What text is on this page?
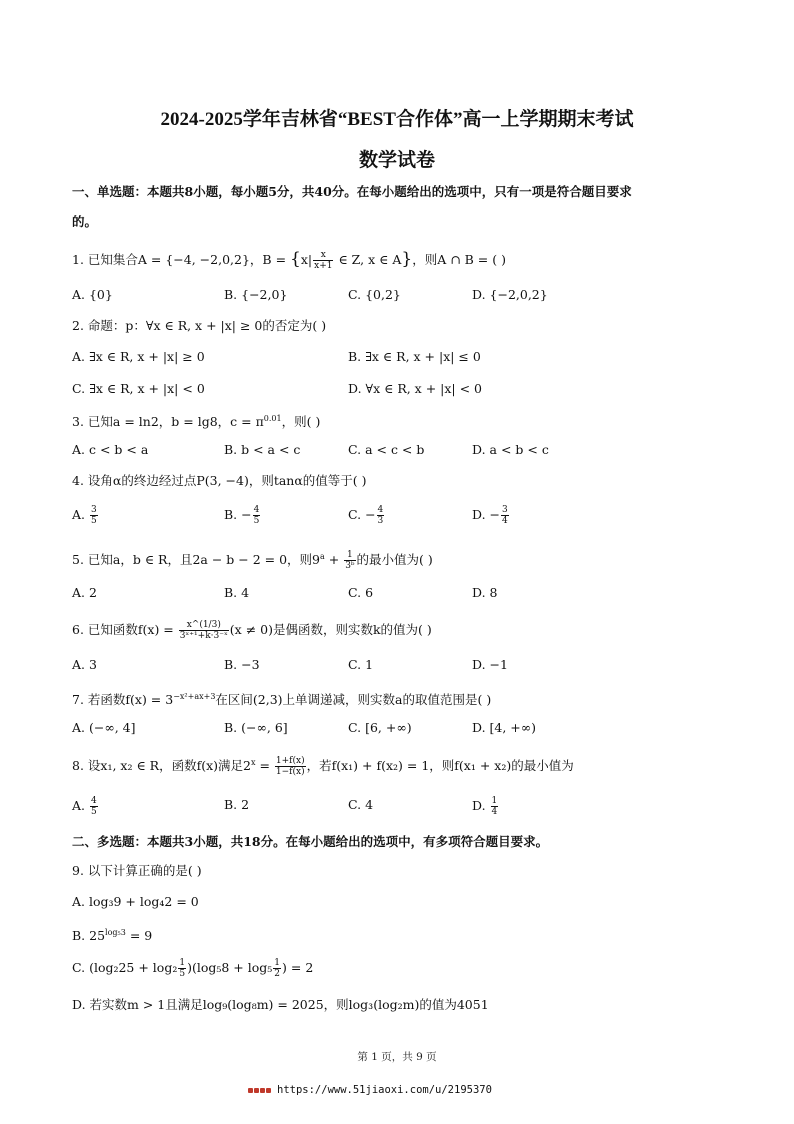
2024-2025学年吉林省“BEST合作体”高一上学期期末考试
数学试卷
一、单选题：本题共8小题，每小题5分，共40分。在每小题给出的选项中，只有一项是符合题目要求
的。
1. 已知集合A = {−4, −2,0,2}，$B = \{x| \frac{x}{x+1}$ ∈ Z, x ∈ A}，则A ∩ B = ( )
A. {0}	B. {−2,0}	C. {0,2}	D. {−2,0,2}
2. 命题：p：∀x ∈ R, x + |x| ≥ 0的否定为( )
A. ∃x ∈ R, x + |x| ≥ 0	B. ∃x ∈ R, x + |x| ≤ 0
C. ∃x ∈ R, x + |x| < 0	D. ∀x ∈ R, x + |x| < 0
3. 已知a = ln2，b = lg8，$c = \pi^{0.01}$，则( )
A. c < b < a	B. b < a < c	C. a < c < b	D. a < b < c
4. 设角α的终边经过点P(3, −4)，则tanα的值等于( )
A. $\frac{3}{5}$	B. − $\frac{4}{5}$	C. − $\frac{4}{3}$	D. − $\frac{3}{4}$
5. 已知a，b ∈ R，且2a − b − 2 = 0，则$9^a + \frac{1}{\text{3ᵇ}}$ 的最小值为( )
A. 2	B. 4	C. 6	D. 8
6. 已知函数$f(x) = \frac{x\^{}(1/3)}{\text{3ˣ⁺¹+k·3⁻ˣ}} (x \ne 0)$是偶函数，则实数k的值为( )
A. 3	B. −3	C. 1	D. −1
7. 若函数$f(x) = 3^{-x^2+ax+3}$在区间(2,3)上单调递减，则实数a的取值范围是( )
A. (−∞, 4]	B. (−∞, 6]	C. [6, +∞)	D. [4, +∞)
8. 设x₁, x₂ ∈ R，函数f(x)满足$2^x = \frac{1+f(x)}{1-f(x)}$ ，若f(x₁) + f(x₂) = 1，则f(x₁ + x₂)的最小值为
A. $\frac{4}{5}$	B. 2	C. 4	D. $\frac{1}{4}$
二、多选题：本题共3小题，共18分。在每小题给出的选项中，有多项符合题目要求。
9. 以下计算正确的是( )
A. log₃9 + log₄2 = 0
B. $25^{log_53} = 9$
C. $(\log_225 + \log_2 \frac{1}{5} )(\log_58 + \log_5 \frac{1}{2}$ ) = 2
D. 若实数m > 1且满足log₉(log₈m) = 2025，则log₃(log₂m)的值为4051
第 1 页，共 9 页
https://www.51jiaoxi.com/u/2195370
